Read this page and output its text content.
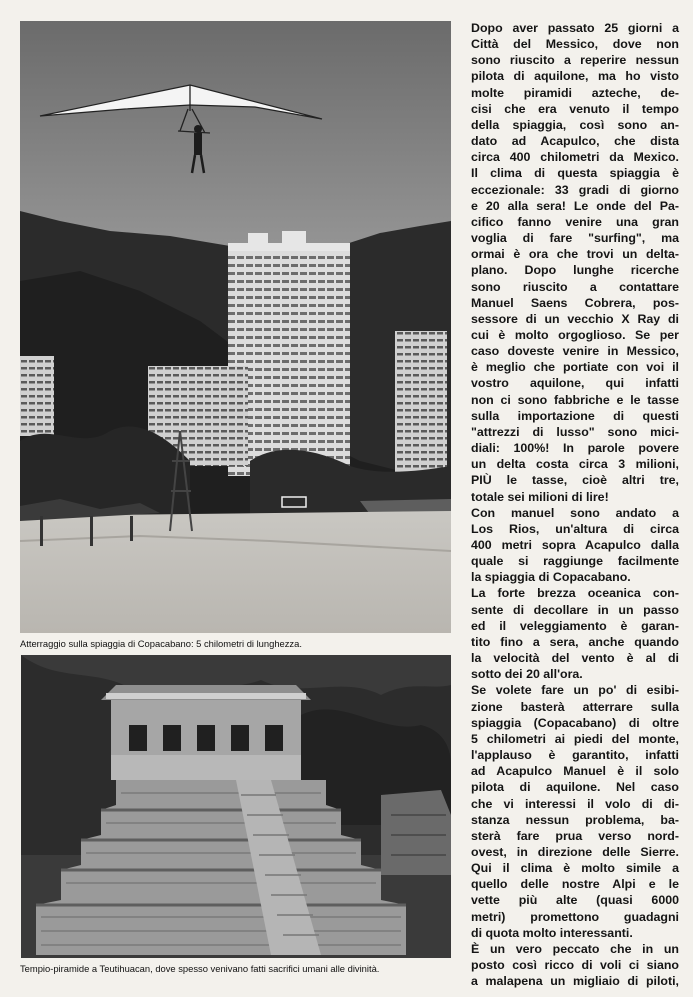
Atterraggio sulla spiaggia di Copacabano: 5 chilometri di lunghezza.
Tempio-piramide a Teutihuacan, dove spesso venivano fatti sacrifici umani alle divinità.
Dopo aver passato 25 giorni a
Città del Messico, dove non
sono riuscito a reperire nessun
pilota di aquilone, ma ho visto
molte piramidi azteche, de-
cisi che era venuto il tempo
della spiaggia, così sono an-
dato ad Acapulco, che dista
circa 400 chilometri da Mexico.
Il clima di questa spiaggia è
eccezionale: 33 gradi di giorno
e 20 alla sera! Le onde del Pa-
cifico fanno venire una gran
voglia di fare "surfing", ma
ormai è ora che trovi un delta-
plano. Dopo lunghe ricerche
sono riuscito a contattare
Manuel Saens Cobrera, pos-
sessore di un vecchio X Ray di
cui è molto orgoglioso. Se per
caso doveste venire in Messico,
è meglio che portiate con voi il
vostro aquilone, qui infatti
non ci sono fabbriche e le tasse
sulla importazione di questi
"attrezzi di lusso" sono mici-
diali: 100%! In parole povere
un delta costa circa 3 milioni,
PIÙ le tasse, cioè altri tre,
totale sei milioni di lire!
Con manuel sono andato a
Los Rios, un'altura di circa
400 metri sopra Acapulco dalla
quale si raggiunge facilmente
la spiaggia di Copacabano.
La forte brezza oceanica con-
sente di decollare in un passo
ed il veleggiamento è garan-
tito fino a sera, anche quando
la velocità del vento è al di
sotto dei 20 all'ora.
Se volete fare un po' di esibi-
zione basterà atterrare sulla
spiaggia (Copacabano) di oltre
5 chilometri ai piedi del monte,
l'applauso è garantito, infatti
ad Acapulco Manuel è il solo
pilota di aquilone. Nel caso
che vi interessi il volo di di-
stanza nessun problema, ba-
sterà fare prua verso nord-
ovest, in direzione delle Sierre.
Qui il clima è molto simile a
quello delle nostre Alpi e le
vette più alte (quasi 6000
metri) promettono guadagni
di quota molto interessanti.
È un vero peccato che in un
posto così ricco di voli ci siano
a malapena un migliaio di piloti,
